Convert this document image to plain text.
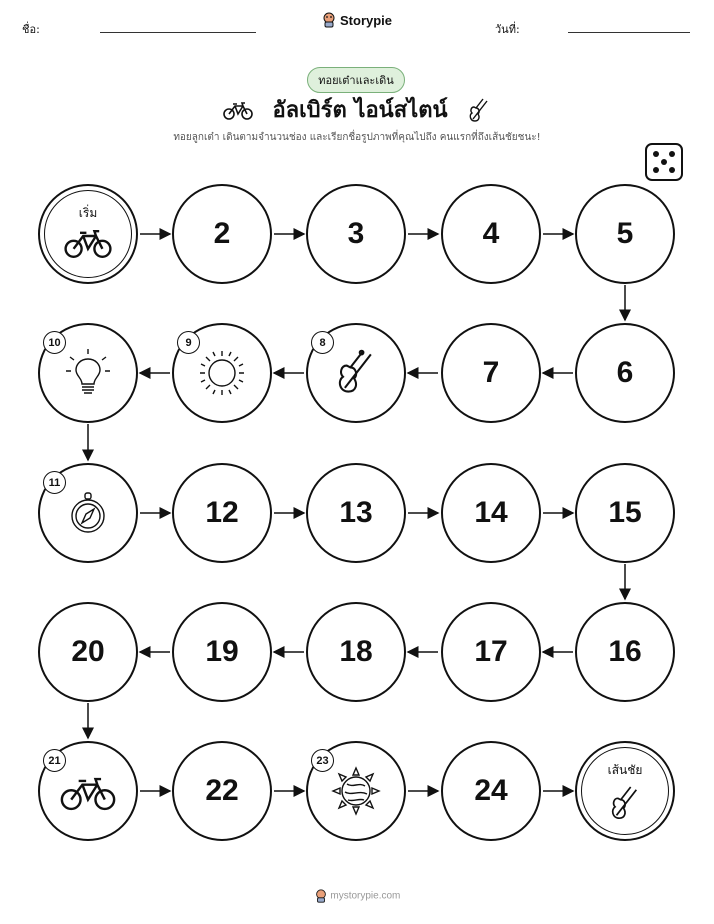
ชื่อ:
Storypie
วันที่:
ทอยเต๋าและเดิน
อัลเบิร์ต ไอน์สไตน์
ทอยลูกเต๋า เดินตามจำนวนช่อง และเรียกชื่อรูปภาพที่คุณไปถึง คนแรกที่ถึงเส้นชัยชนะ!
เริ่ม
2	3	4	5
6
7
8
9
10
11
12	13	14	15
16
17
18
19
20
21
22
23
24
เส้นชัย
mystorypie.com
